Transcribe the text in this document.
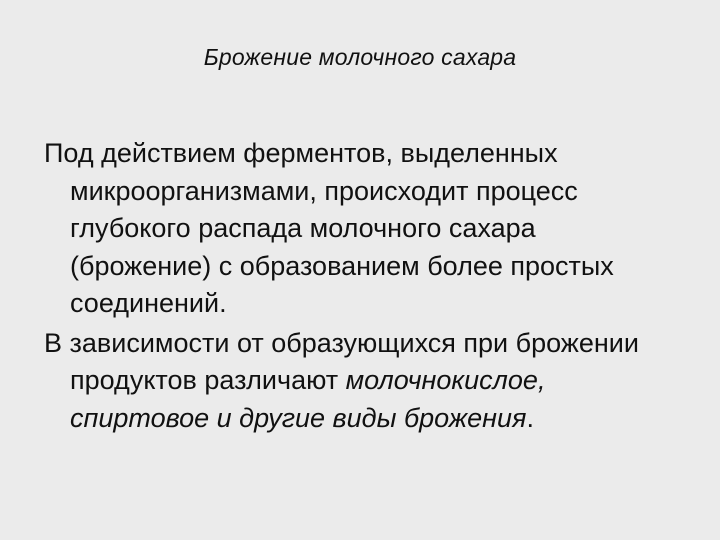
Брожение молочного сахара
Под действием ферментов, выделенных микроорганизмами, происходит процесс глубокого распада молочного сахара (брожение) с образованием более простых соединений.
В зависимости от образующихся при брожении продуктов различают молочнокислое, спиртовое и другие виды брожения.
